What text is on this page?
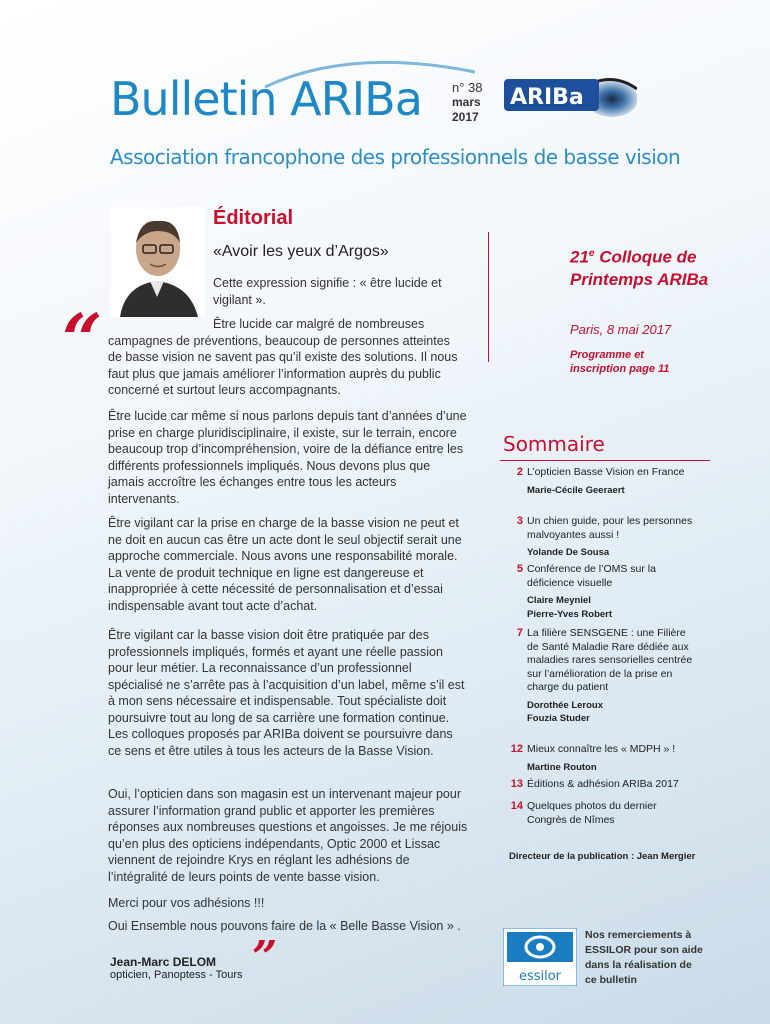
Bulletin ARIBa n° 38
mars
2017
ARIBa
Association francophone des professionnels de basse vision
Éditorial
«Avoir les yeux d’Argos»
Cette expression signifie : « être lucide et vigilant ».
“	Être lucide car malgré de nombreuses campagnes de préventions, beaucoup de personnes atteintes de basse vision ne savent pas qu’il existe des solutions. Il nous faut plus que jamais améliorer l’information auprès du public concerné et surtout leurs accompagnants.
Être lucide car même si nous parlons depuis tant d’années d’une prise en charge pluridisciplinaire, il existe, sur le terrain, encore beaucoup trop d’incompréhension, voire de la défiance entre les différents professionnels impliqués. Nous devons plus que jamais accroître les échanges entre tous les acteurs intervenants.
Être vigilant car la prise en charge de la basse vision ne peut et ne doit en aucun cas être un acte dont le seul objectif serait une approche commerciale. Nous avons une responsabilité morale. La vente de produit technique en ligne est dangereuse et inappropriée à cette nécessité de personnalisation et d’essai indispensable avant tout acte d’achat.
Être vigilant car la basse vision doit être pratiquée par des professionnels impliqués, formés et ayant une réelle passion pour leur métier. La reconnaissance d’un professionnel spécialisé ne s’arrête pas à l’acquisition d’un label, même s’il est à mon sens nécessaire et indispensable. Tout spécialiste doit poursuivre tout au long de sa carrière une formation continue. Les colloques proposés par ARIBa doivent se poursuivre dans ce sens et être utiles à tous les acteurs de la Basse Vision.
Oui, l’opticien dans son magasin est un intervenant majeur pour assurer l’information grand public et apporter les premières réponses aux nombreuses questions et angoisses. Je me réjouis qu’en plus des opticiens indépendants, Optic 2000 et Lissac viennent de rejoindre Krys en réglant les adhésions de l’intégralité de leurs points de vente basse vision.
Merci pour vos adhésions !!!
Oui Ensemble nous pouvons faire de la « Belle Basse Vision » .
Jean-Marc DELOM
opticien, Panoptess - Tours ”
21e Colloque de Printemps ARIBa
Paris, 8 mai 2017
Programme et inscription page 11
Sommaire
2 L’opticien Basse Vision en France
Marie-Cécile Geeraert
3 Un chien guide, pour les personnes malvoyantes aussi !
Yolande De Sousa
5 Conférence de l’OMS sur la déficience visuelle
Claire Meyniel
Pierre-Yves Robert
7 La filière SENSGENE : une Filière de Santé Maladie Rare dédiée aux maladies rares sensorielles centrée sur l’amélioration de la prise en charge du patient
Dorothée Leroux
Fouzia Studer
12 Mieux connaître les « MDPH » !
Martine Routon
13 Éditions & adhésion ARIBa 2017
14 Quelques photos du dernier Congrès de Nîmes
Directeur de la publication : Jean Mergier
essilor
Nos remerciements à ESSILOR pour son aide dans la réalisation de ce bulletin
